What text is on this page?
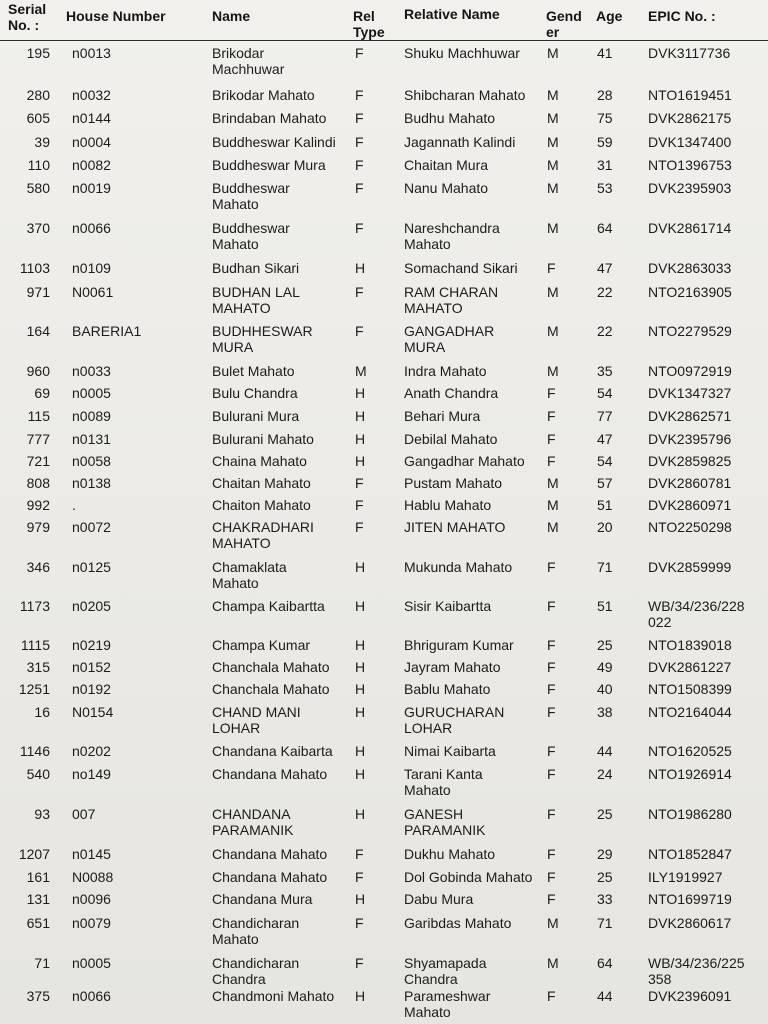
Serial
No. :
House Number	Name	Rel
Type
Relative Name	Gend
er
Age EPIC No. :
195 n0013	Brikodar
Machhuwar
F	Shuku Machhuwar	M	41	DVK3117736
280 n0032	Brikodar Mahato	F	Shibcharan Mahato	M	28	NTO1619451
605 n0144	Brindaban Mahato	F	Budhu Mahato	M	75	DVK2862175
39 n0004	Buddheswar Kalindi	F	Jagannath Kalindi	M	59	DVK1347400
110 n0082	Buddheswar Mura	F	Chaitan Mura	M	31	NTO1396753
580 n0019	Buddheswar
Mahato
F	Nanu Mahato	M	53	DVK2395903
370 n0066	Buddheswar
Mahato
F	Nareshchandra
Mahato
M	64	DVK2861714
1103 n0109	Budhan Sikari	H	Somachand Sikari	F	47	DVK2863033
971 N0061	BUDHAN LAL
MAHATO
F	RAM CHARAN
MAHATO
M	22	NTO2163905
164 BARERIA1	BUDHHESWAR
MURA
F	GANGADHAR
MURA
M	22	NTO2279529
960 n0033	Bulet Mahato	M	Indra Mahato	M	35	NTO0972919
69 n0005	Bulu Chandra	H	Anath Chandra	F	54	DVK1347327
115 n0089	Bulurani Mura	H	Behari Mura	F	77	DVK2862571
777 n0131	Bulurani Mahato	H	Debilal Mahato	F	47	DVK2395796
721 n0058	Chaina Mahato	H	Gangadhar Mahato	F	54	DVK2859825
808 n0138	Chaitan Mahato	F	Pustam Mahato	M	57	DVK2860781
992 .	Chaiton Mahato	F	Hablu Mahato	M	51	DVK2860971
979 n0072	CHAKRADHARI
MAHATO
F	JITEN MAHATO	M	20	NTO2250298
346 n0125	Chamaklata
Mahato
H	Mukunda Mahato	F	71	DVK2859999
1173 n0205	Champa Kaibartta	H	Sisir Kaibartta	F	51	WB/34/236/228
022
1115 n0219	Champa Kumar	H	Bhriguram Kumar	F	25	NTO1839018
315 n0152	Chanchala Mahato	H	Jayram Mahato	F	49	DVK2861227
1251 n0192	Chanchala Mahato	H	Bablu Mahato	F	40	NTO1508399
16 N0154	CHAND MANI
LOHAR
H	GURUCHARAN
LOHAR
F	38	NTO2164044
1146 n0202	Chandana Kaibarta	H	Nimai Kaibarta	F	44	NTO1620525
540 no149	Chandana Mahato	H	Tarani Kanta
Mahato
F	24	NTO1926914
93 007	CHANDANA
PARAMANIK
H	GANESH
PARAMANIK
F	25	NTO1986280
1207 n0145	Chandana Mahato	F	Dukhu Mahato	F	29	NTO1852847
161 N0088	Chandana Mahato	F	Dol Gobinda Mahato	F	25	ILY1919927
131 n0096	Chandana Mura	H	Dabu Mura	F	33	NTO1699719
651 n0079	Chandicharan
Mahato
F	Garibdas Mahato	M	71	DVK2860617
71 n0005	Chandicharan
Chandra
F	Shyamapada
Chandra
M	64	WB/34/236/225
358
375 n0066	Chandmoni Mahato	H	Parameshwar
Mahato
F	44	DVK2396091
